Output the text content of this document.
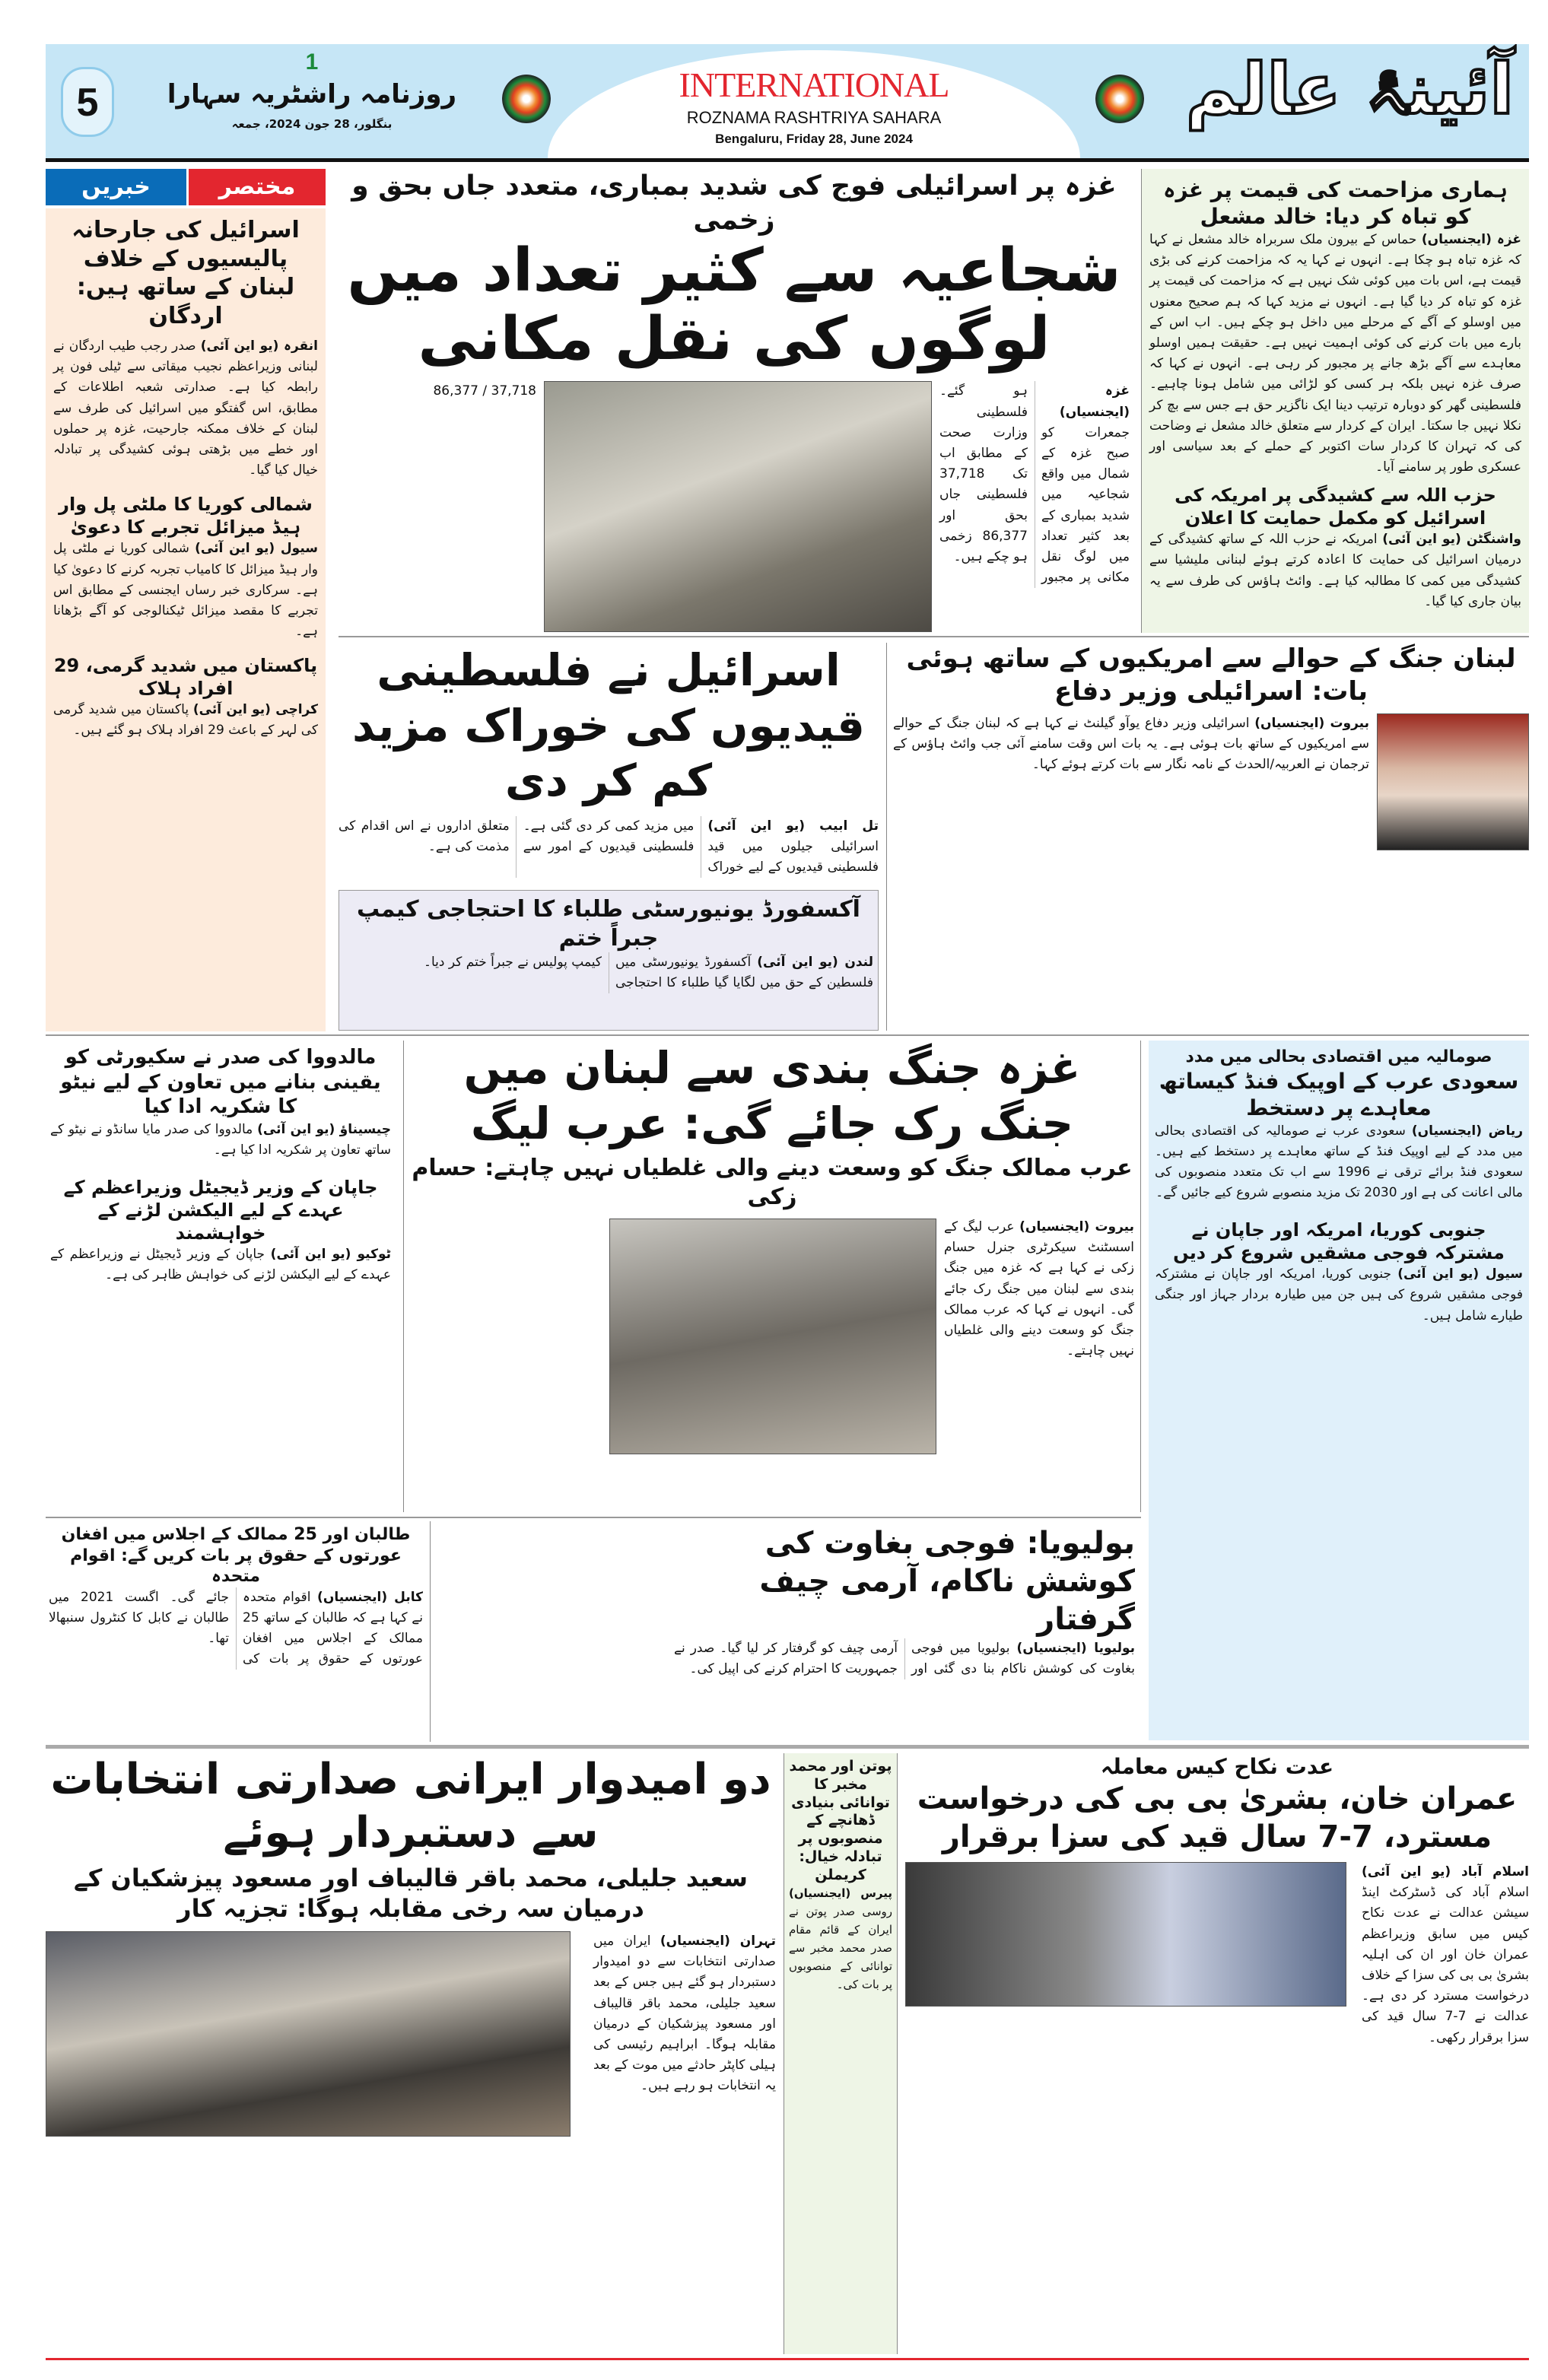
5
1
روزنامہ راشٹریہ سہارا
بنگلور، 28 جون 2024، جمعہ
INTERNATIONAL
ROZNAMA RASHTRIYA SAHARA
Bengaluru, Friday 28, June 2024
آئینۂ عالم
خبریں	مختصر
اسرائیل کی جارحانہ پالیسیوں کے خلاف لبنان کے ساتھ ہیں: اردگان
انقرہ (یو این آئی) صدر رجب طیب اردگان نے لبنانی وزیراعظم نجیب میقاتی سے ٹیلی فون پر رابطہ کیا ہے۔ صدارتی شعبہ اطلاعات کے مطابق، اس گفتگو میں اسرائیل کی طرف سے لبنان کے خلاف ممکنہ جارحیت، غزہ پر حملوں اور خطے میں بڑھتی ہوئی کشیدگی پر تبادلہ خیال کیا گیا۔
شمالی کوریا کا ملٹی پل وار ہیڈ میزائل تجربے کا دعویٰ
سیول (یو این آئی) شمالی کوریا نے ملٹی پل وار ہیڈ میزائل کا کامیاب تجربہ کرنے کا دعویٰ کیا ہے۔ سرکاری خبر رساں ایجنسی کے مطابق اس تجربے کا مقصد میزائل ٹیکنالوجی کو آگے بڑھانا ہے۔
پاکستان میں شدید گرمی، 29 افراد ہلاک
کراچی (یو این آئی) پاکستان میں شدید گرمی کی لہر کے باعث 29 افراد ہلاک ہو گئے ہیں۔
غزہ پر اسرائیلی فوج کی شدید بمباری، متعدد جاں بحق و زخمی
شجاعیہ سے کثیر تعداد میں لوگوں کی نقل مکانی
غزہ (ایجنسیاں) جمعرات کو صبح غزہ کے شمال میں واقع شجاعیہ میں شدید بمباری کے بعد کثیر تعداد میں لوگ نقل مکانی پر مجبور ہو گئے۔ فلسطینی وزارت صحت کے مطابق اب تک 37,718 فلسطینی جاں بحق اور 86,377 زخمی ہو چکے ہیں۔
37,718 / 86,377
ہماری مزاحمت کی قیمت پر غزہ کو تباہ کر دیا: خالد مشعل
غزہ (ایجنسیاں) حماس کے بیرون ملک سربراہ خالد مشعل نے کہا کہ غزہ تباہ ہو چکا ہے۔ انہوں نے کہا یہ کہ مزاحمت کرنے کی بڑی قیمت ہے، اس بات میں کوئی شک نہیں ہے کہ مزاحمت کی قیمت پر غزہ کو تباہ کر دیا گیا ہے۔ انہوں نے مزید کہا کہ ہم صحیح معنوں میں اوسلو کے آگے کے مرحلے میں داخل ہو چکے ہیں۔ اب اس کے بارے میں بات کرنے کی کوئی اہمیت نہیں ہے۔ حقیقت ہمیں اوسلو معاہدے سے آگے بڑھ جانے پر مجبور کر رہی ہے۔ انہوں نے کہا کہ صرف غزہ نہیں بلکہ ہر کسی کو لڑائی میں شامل ہونا چاہیے۔ فلسطینی گھر کو دوبارہ ترتیب دینا ایک ناگزیر حق ہے جس سے بچ کر نکلا نہیں جا سکتا۔ ایران کے کردار سے متعلق خالد مشعل نے وضاحت کی کہ تہران کا کردار سات اکتوبر کے حملے کے بعد سیاسی اور عسکری طور پر سامنے آیا۔
حزب اللہ سے کشیدگی پر امریکہ کی اسرائیل کو مکمل حمایت کا اعلان
واشنگٹن (یو این آئی) امریکہ نے حزب اللہ کے ساتھ کشیدگی کے درمیان اسرائیل کی حمایت کا اعادہ کرتے ہوئے لبنانی ملیشیا سے کشیدگی میں کمی کا مطالبہ کیا ہے۔ وائٹ ہاؤس کی طرف سے یہ بیان جاری کیا گیا۔
اسرائیل نے فلسطینی قیدیوں کی خوراک مزید کم کر دی
تل ابیب (یو این آئی) اسرائیلی جیلوں میں قید فلسطینی قیدیوں کے لیے خوراک میں مزید کمی کر دی گئی ہے۔ فلسطینی قیدیوں کے امور سے متعلق اداروں نے اس اقدام کی مذمت کی ہے۔
آکسفورڈ یونیورسٹی طلباء کا احتجاجی کیمپ جبراً ختم
لندن (یو این آئی) آکسفورڈ یونیورسٹی میں فلسطین کے حق میں لگایا گیا طلباء کا احتجاجی کیمپ پولیس نے جبراً ختم کر دیا۔
لبنان جنگ کے حوالے سے امریکیوں کے ساتھ ہوئی بات: اسرائیلی وزیر دفاع
بیروت (ایجنسیاں) اسرائیلی وزیر دفاع یوآو گیلنٹ نے کہا ہے کہ لبنان جنگ کے حوالے سے امریکیوں کے ساتھ بات ہوئی ہے۔ یہ بات اس وقت سامنے آئی جب وائٹ ہاؤس کے ترجمان نے العربیہ/الحدث کے نامہ نگار سے بات کرتے ہوئے کہا۔
مالدووا کی صدر نے سکیورٹی کو یقینی بنانے میں تعاون کے لیے نیٹو کا شکریہ ادا کیا
چیسیناؤ (یو این آئی) مالدووا کی صدر مایا سانڈو نے نیٹو کے ساتھ تعاون پر شکریہ ادا کیا ہے۔
جاپان کے وزیر ڈیجیٹل وزیراعظم کے عہدے کے لیے الیکشن لڑنے کے خواہشمند
ٹوکیو (یو این آئی) جاپان کے وزیر ڈیجیٹل نے وزیراعظم کے عہدے کے لیے الیکشن لڑنے کی خواہش ظاہر کی ہے۔
غزہ جنگ بندی سے لبنان میں جنگ رک جائے گی: عرب لیگ
عرب ممالک جنگ کو وسعت دینے والی غلطیاں نہیں چاہتے: حسام زکی
بیروت (ایجنسیاں) عرب لیگ کے اسسٹنٹ سیکرٹری جنرل حسام زکی نے کہا ہے کہ غزہ میں جنگ بندی سے لبنان میں جنگ رک جائے گی۔ انہوں نے کہا کہ عرب ممالک جنگ کو وسعت دینے والی غلطیاں نہیں چاہتے۔
صومالیہ میں اقتصادی بحالی میں مدد
سعودی عرب کے اوپیک فنڈ کیساتھ معاہدے پر دستخط
ریاض (ایجنسیاں) سعودی عرب نے صومالیہ کی اقتصادی بحالی میں مدد کے لیے اوپیک فنڈ کے ساتھ معاہدے پر دستخط کیے ہیں۔ سعودی فنڈ برائے ترقی نے 1996 سے اب تک متعدد منصوبوں کی مالی اعانت کی ہے اور 2030 تک مزید منصوبے شروع کیے جائیں گے۔
جنوبی کوریا، امریکہ اور جاپان نے مشترکہ فوجی مشقیں شروع کر دیں
سیول (یو این آئی) جنوبی کوریا، امریکہ اور جاپان نے مشترکہ فوجی مشقیں شروع کی ہیں جن میں طیارہ بردار جہاز اور جنگی طیارے شامل ہیں۔
طالبان اور 25 ممالک کے اجلاس میں افغان عورتوں کے حقوق پر بات کریں گے: اقوام متحدہ
کابل (ایجنسیاں) اقوام متحدہ نے کہا ہے کہ طالبان کے ساتھ 25 ممالک کے اجلاس میں افغان عورتوں کے حقوق پر بات کی جائے گی۔ اگست 2021 میں طالبان نے کابل کا کنٹرول سنبھالا تھا۔
بولیویا: فوجی بغاوت کی کوشش ناکام، آرمی چیف گرفتار
بولیویا (ایجنسیاں) بولیویا میں فوجی بغاوت کی کوشش ناکام بنا دی گئی اور آرمی چیف کو گرفتار کر لیا گیا۔ صدر نے جمہوریت کا احترام کرنے کی اپیل کی۔
دو امیدوار ایرانی صدارتی انتخابات سے دستبردار ہوئے
سعید جلیلی، محمد باقر قالیباف اور مسعود پیزشکیان کے درمیان سہ رخی مقابلہ ہوگا: تجزیہ کار
تہران (ایجنسیاں) ایران میں صدارتی انتخابات سے دو امیدوار دستبردار ہو گئے ہیں جس کے بعد سعید جلیلی، محمد باقر قالیباف اور مسعود پیزشکیان کے درمیان مقابلہ ہوگا۔ ابراہیم رئیسی کی ہیلی کاپٹر حادثے میں موت کے بعد یہ انتخابات ہو رہے ہیں۔
پوتن اور محمد مخبر کا توانائی بنیادی ڈھانچے کے منصوبوں پر تبادلہ خیال: کریملن
پیرس (ایجنسیاں) روسی صدر پوتن نے ایران کے قائم مقام صدر محمد مخبر سے توانائی کے منصوبوں پر بات کی۔
عدت نکاح کیس معاملہ
عمران خان، بشریٰ بی بی کی درخواست مسترد، 7-7 سال قید کی سزا برقرار
اسلام آباد (یو این آئی) اسلام آباد کی ڈسٹرکٹ اینڈ سیشن عدالت نے عدت نکاح کیس میں سابق وزیراعظم عمران خان اور ان کی اہلیہ بشریٰ بی بی کی سزا کے خلاف درخواست مسترد کر دی ہے۔ عدالت نے 7-7 سال قید کی سزا برقرار رکھی۔
